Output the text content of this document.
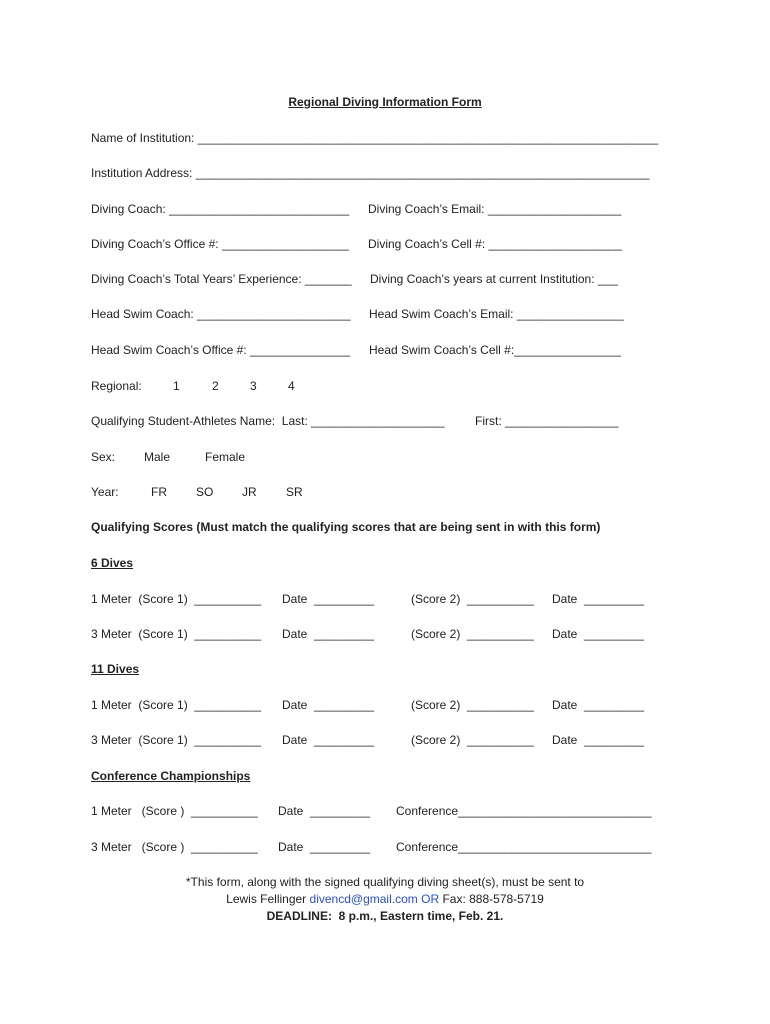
Regional Diving Information Form
Name of Institution: _____________________________________________________________________
Institution Address: ____________________________________________________________________
Diving Coach: ___________________________ Diving Coach’s Email: ____________________
Diving Coach’s Office #: ___________________ Diving Coach’s Cell #: ____________________
Diving Coach’s Total Years’ Experience: _______ Diving Coach’s years at current Institution: ___
Head Swim Coach: _______________________ Head Swim Coach’s Email: ________________
Head Swim Coach’s Office #: _______________ Head Swim Coach’s Cell #:________________
Regional:	1	2	3	4
Qualifying Student-Athletes Name:  Last: ____________________	First: _________________
Sex: Male	Female
Year:	FR SO JR SR
Qualifying Scores (Must match the qualifying scores that are being sent in with this form)
6 Dives
1 Meter  (Score 1)  __________ Date  _________	(Score 2)  __________ Date  _________
3 Meter  (Score 1)  __________ Date  _________	(Score 2)  __________ Date  _________
11 Dives
1 Meter  (Score 1)  __________ Date  _________	(Score 2)  __________ Date  _________
3 Meter  (Score 1)  __________ Date  _________	(Score 2)  __________ Date  _________
Conference Championships
1 Meter   (Score )  __________ Date  _________ Conference_____________________________
3 Meter   (Score )  __________ Date  _________ Conference_____________________________
*This form, along with the signed qualifying diving sheet(s), must be sent to
Lewis Fellinger divencd@gmail.com OR Fax: 888-578-5719
DEADLINE:  8 p.m., Eastern time, Feb. 21.
